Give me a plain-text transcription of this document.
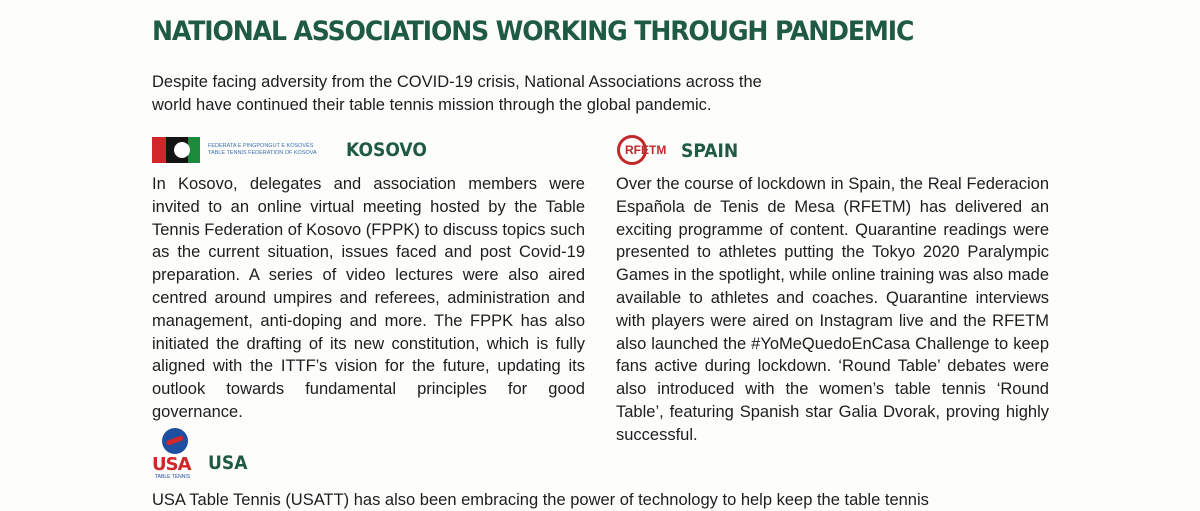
NATIONAL ASSOCIATIONS WORKING THROUGH PANDEMIC
Despite facing adversity from the COVID-19 crisis, National Associations across the
world have continued their table tennis mission through the global pandemic.
FEDERATA E PINGPONGUT E KOSOVËS
TABLE TENNIS FEDERATION OF KOSOVA	KOSOVO
In Kosovo, delegates and association members were invited to an online virtual meeting hosted by the Table Tennis Federation of Kosovo (FPPK) to discuss topics such as the current situation, issues faced and post Covid-19 preparation. A series of video lectures were also aired centred around umpires and referees, administration and management, anti-doping and more. The FPPK has also initiated the drafting of its new constitution, which is fully aligned with the ITTF’s vision for the future, updating its outlook towards fundamental principles for good governance.
RFETM SPAIN
Over the course of lockdown in Spain, the Real Federacion Española de Tenis de Mesa (RFETM) has delivered an exciting programme of content. Quarantine readings were presented to athletes putting the Tokyo 2020 Paralympic Games in the spotlight, while online training was also made available to athletes and coaches. Quarantine interviews with players were aired on Instagram live and the RFETM also launched the #YoMeQuedoEnCasa Challenge to keep fans active during lockdown. ‘Round Table’ debates were also introduced with the women’s table tennis ‘Round Table’, featuring Spanish star Galia Dvorak, proving highly successful.
USA
TABLE TENNIS
USA
USA Table Tennis (USATT) has also been embracing the power of technology to help keep the table tennis
